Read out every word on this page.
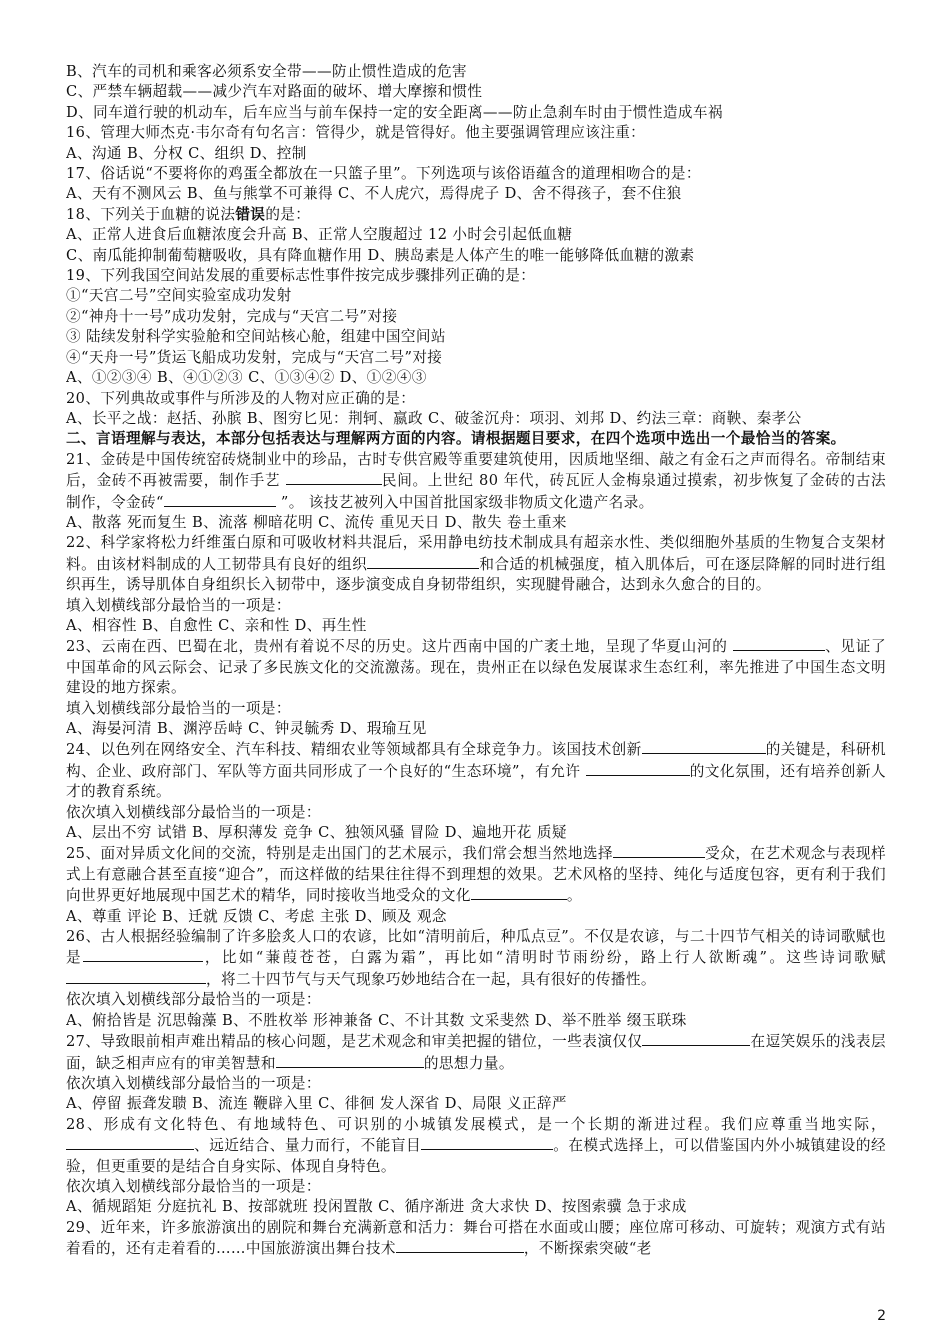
B、汽车的司机和乘客必须系安全带——防止惯性造成的危害
C、严禁车辆超载——减少汽车对路面的破坏、增大摩擦和惯性
D、同车道行驶的机动车，后车应当与前车保持一定的安全距离——防止急刹车时由于惯性造成车祸
16、管理大师杰克·韦尔奇有句名言：管得少，就是管得好。他主要强调管理应该注重：
A、沟通 B、分权 C、组织 D、控制
17、俗话说“不要将你的鸡蛋全都放在一只篮子里”。下列选项与该俗语蕴含的道理相吻合的是：
A、天有不测风云 B、鱼与熊掌不可兼得 C、不人虎穴，焉得虎子 D、舍不得孩子，套不住狼
18、下列关于血糖的说法错误的是：
A、正常人进食后血糖浓度会升高 B、正常人空腹超过 12 小时会引起低血糖
C、南瓜能抑制葡萄糖吸收，具有降血糖作用 D、胰岛素是人体产生的唯一能够降低血糖的激素
19、下列我国空间站发展的重要标志性事件按完成步骤排列正确的是：
①“天宫二号”空间实验室成功发射
②“神舟十一号”成功发射，完成与“天宫二号”对接
③ 陆续发射科学实验舱和空间站核心舱，组建中国空间站
④“天舟一号”货运飞船成功发射，完成与“天宫二号”对接
A、①②③④ B、④①②③ C、①③④② D、①②④③
20、下列典故或事件与所涉及的人物对应正确的是：
A、长平之战：赵括、孙膑 B、图穷匕见：荆轲、嬴政 C、破釜沉舟：项羽、刘邦 D、约法三章：商鞅、秦孝公
二、言语理解与表达，本部分包括表达与理解两方面的内容。请根据题目要求，在四个选项中选出一个最恰当的答案。
21、金砖是中国传统窑砖烧制业中的珍品，古时专供宫殿等重要建筑使用，因质地坚细、敲之有金石之声而得名。帝制结束后，金砖不再被需要，制作手艺	民间。上世纪 80 年代，砖瓦匠人金梅泉通过摸索，初步恢复了金砖的古法制作，令金砖“	”。 该技艺被列入中国首批国家级非物质文化遗产名录。
A、散落 死而复生 B、流落 柳暗花明 C、流传 重见天日 D、散失 卷土重来
22、科学家将松力纤维蛋白原和可吸收材料共混后，采用静电纺技术制成具有超亲水性、类似细胞外基质的生物复合支架材料。由该材料制成的人工韧带具有良好的组织	和合适的机械强度，植入肌体后，可在逐层降解的同时进行组织再生，诱导肌体自身组织长入韧带中，逐步演变成自身韧带组织，实现腱骨融合，达到永久愈合的目的。
填入划横线部分最恰当的一项是：
A、相容性 B、自愈性 C、亲和性 D、再生性
23、云南在西、巴蜀在北，贵州有着说不尽的历史。这片西南中国的广袤土地，呈现了华夏山河的	、见证了中国革命的风云际会、记录了多民族文化的交流激荡。现在，贵州正在以绿色发展谋求生态红利，率先推进了中国生态文明建设的地方探索。
填入划横线部分最恰当的一项是：
A、海晏河清 B、渊渟岳峙 C、钟灵毓秀 D、瑕瑜互见
24、以色列在网络安全、汽车科技、精细农业等领域都具有全球竞争力。该国技术创新	的关键是，科研机构、企业、政府部门、军队等方面共同形成了一个良好的“生态环境”，有允许	的文化氛围，还有培养创新人才的教育系统。
依次填入划横线部分最恰当的一项是：
A、层出不穷 试错 B、厚积薄发 竞争 C、独领风骚 冒险 D、遍地开花 质疑
25、面对异质文化间的交流，特别是走出国门的艺术展示，我们常会想当然地选择	受众，在艺术观念与表现样式上有意融合甚至直接“迎合”，而这样做的结果往往得不到理想的效果。艺术风格的坚持、纯化与适度包容，更有利于我们向世界更好地展现中国艺术的精华，同时接收当地受众的文化	。
A、尊重 评论 B、迁就 反馈 C、考虑 主张 D、顾及 观念
26、古人根据经验编制了许多脍炙人口的农谚，比如“清明前后，种瓜点豆”。不仅是农谚，与二十四节气相关的诗词歌赋也是	，比如“蒹葭苍苍，白露为霜”，再比如“清明时节雨纷纷，路上行人欲断魂”。这些诗词歌赋，将二十四节气与天气现象巧妙地结合在一起，具有很好的传播性。
依次填入划横线部分最恰当的一项是：
A、俯拾皆是 沉思翰藻 B、不胜枚举 形神兼备 C、不计其数 文采斐然 D、举不胜举 缀玉联珠
27、导致眼前相声难出精品的核心问题，是艺术观念和审美把握的错位，一些表演仅仅	在逗笑娱乐的浅表层面，缺乏相声应有的审美智慧和	的思想力量。
依次填入划横线部分最恰当的一项是：
A、停留 振聋发聩 B、流连 鞭辟入里 C、徘徊 发人深省 D、局限 义正辞严
28、形成有文化特色、有地域特色、可识别的小城镇发展模式，是一个长期的渐进过程。我们应尊重当地实际，、远近结合、量力而行，不能盲目	。在模式选择上，可以借鉴国内外小城镇建设的经验，但更重要的是结合自身实际、体现自身特色。
依次填入划横线部分最恰当的一项是：
A、循规蹈矩 分庭抗礼 B、按部就班 投闲置散 C、循序渐进 贪大求快 D、按图索骥 急于求成
29、近年来，许多旅游演出的剧院和舞台充满新意和活力：舞台可搭在水面或山腰；座位席可移动、可旋转；观演方式有站着看的，还有走着看的……中国旅游演出舞台技术	，不断探索突破“老
2
